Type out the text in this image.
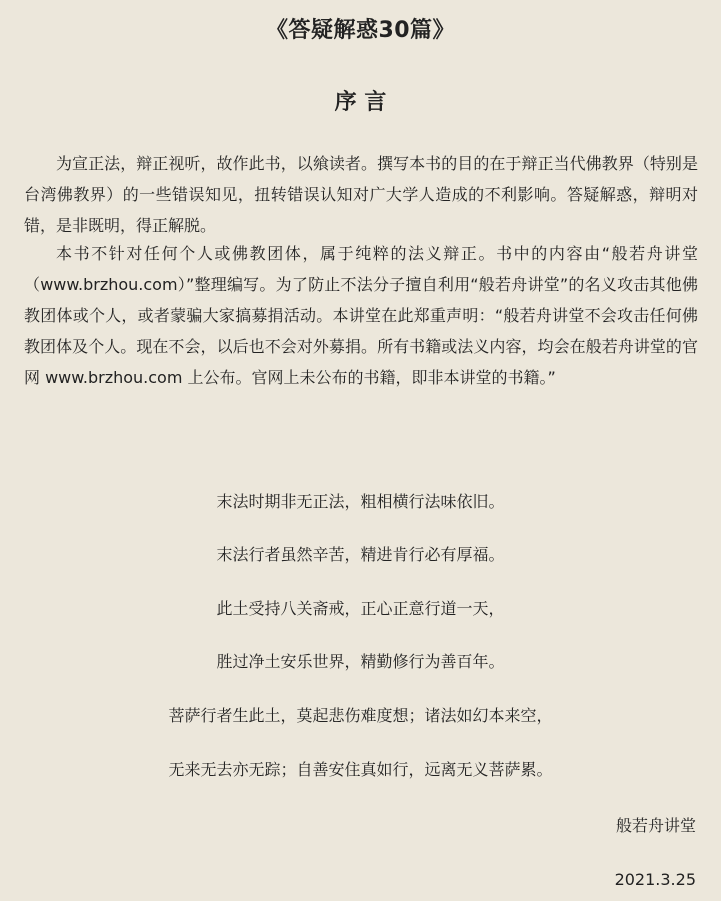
《答疑解惑30篇》
序 言

为宣正法，辩正视听，故作此书，以飨读者。撰写本书的目的在于辩正当代佛教界（特别是台湾佛教界）的一些错误知见，扭转错误认知对广大学人造成的不利影响。答疑解惑，辩明对错，是非既明，得正解脱。

本书不针对任何个人或佛教团体，属于纯粹的法义辩正。书中的内容由“般若舟讲堂（www.brzhou.com）”整理编写。为了防止不法分子擅自利用“般若舟讲堂”的名义攻击其他佛教团体或个人，或者蒙骗大家搞募捐活动。本讲堂在此郑重声明：“般若舟讲堂不会攻击任何佛教团体及个人。现在不会，以后也不会对外募捐。所有书籍或法义内容，均会在般若舟讲堂的官网 www.brzhou.com 上公布。官网上未公布的书籍，即非本讲堂的书籍。”

末法时期非无正法，粗相横行法味依旧。

末法行者虽然辛苦，精进肯行必有厚福。

此土受持八关斋戒，正心正意行道一天，

胜过净土安乐世界，精勤修行为善百年。

菩萨行者生此土，莫起悲伤难度想；诸法如幻本来空，

无来无去亦无踪；自善安住真如行，远离无义菩萨累。

般若舟讲堂

2021.3.25
